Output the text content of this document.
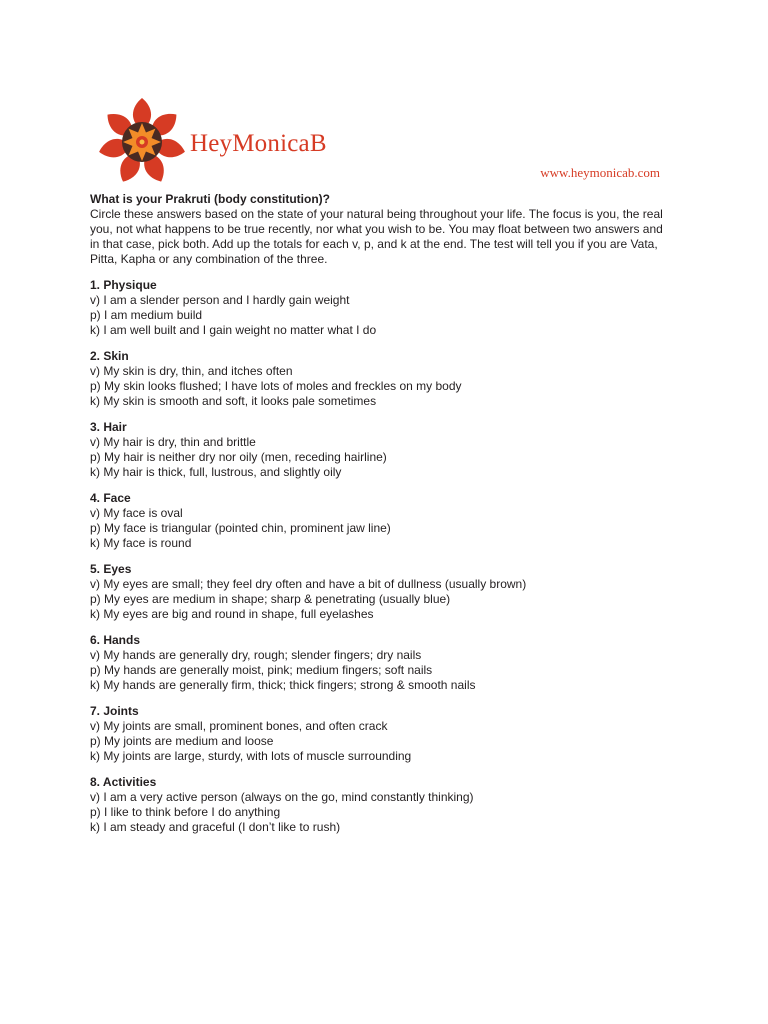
HeyMonicaB
www.heymonicab.com
What is your Prakruti (body constitution)?

Circle these answers based on the state of your natural being throughout your life. The focus is you, the real you, not what happens to be true recently, nor what you wish to be. You may float between two answers and in that case, pick both. Add up the totals for each v, p, and k at the end. The test will tell you if you are Vata, Pitta, Kapha or any combination of the three.

1. Physique
v) I am a slender person and I hardly gain weight
p) I am medium build
k) I am well built and I gain weight no matter what I do
2. Skin
v) My skin is dry, thin, and itches often
p) My skin looks flushed; I have lots of moles and freckles on my body
k) My skin is smooth and soft, it looks pale sometimes
3. Hair
v) My hair is dry, thin and brittle
p) My hair is neither dry nor oily (men, receding hairline)
k) My hair is thick, full, lustrous, and slightly oily
4. Face
v) My face is oval
p) My face is triangular (pointed chin, prominent jaw line)
k) My face is round
5. Eyes
v) My eyes are small; they feel dry often and have a bit of dullness (usually brown)
p) My eyes are medium in shape; sharp & penetrating (usually blue)
k) My eyes are big and round in shape, full eyelashes
6. Hands
v) My hands are generally dry, rough; slender fingers; dry nails
p) My hands are generally moist, pink; medium fingers; soft nails
k) My hands are generally firm, thick; thick fingers; strong & smooth nails
7. Joints
v) My joints are small, prominent bones, and often crack
p) My joints are medium and loose
k) My joints are large, sturdy, with lots of muscle surrounding
8. Activities
v) I am a very active person (always on the go, mind constantly thinking)
p) I like to think before I do anything
k) I am steady and graceful (I don’t like to rush)
